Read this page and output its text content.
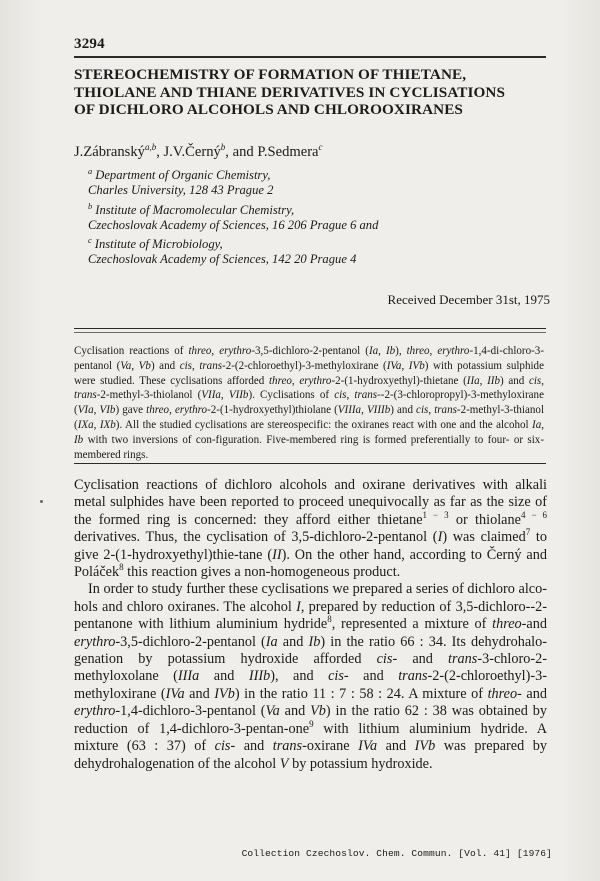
3294
STEREOCHEMISTRY OF FORMATION OF THIETANE,
THIOLANE AND THIANE DERIVATIVES IN CYCLISATIONS
OF DICHLORO ALCOHOLS AND CHLOROOXIRANES
J.Zábranský$^{a,b}$, J.V.Černý$^b$, and P.Sedmera$^c$
$^a$ Department of Organic Chemistry,
Charles University, 128 43 Prague 2
$^b$ Institute of Macromolecular Chemistry,
Czechoslovak Academy of Sciences, 16 206 Prague 6 and
$^c$ Institute of Microbiology,
Czechoslovak Academy of Sciences, 142 20 Prague 4
Received December 31st, 1975
Cyclisation reactions of threo, erythro-3,5-dichloro-2-pentanol (Ia, Ib), threo, erythro-1,4-di-chloro-3-pentanol (Va, Vb) and cis, trans-2-(2-chloroethyl)-3-methyloxirane (IVa, IVb) with potassium sulphide were studied. These cyclisations afforded threo, erythro-2-(1-hydroxyethyl)-thietane (IIa, IIb) and cis, trans-2-methyl-3-thiolanol (VIIa, VIIb). Cyclisations of cis, trans--2-(3-chloropropyl)-3-methyloxirane (VIa, VIb) gave threo, erythro-2-(1-hydroxyethyl)thiolane (VIIIa, VIIIb) and cis, trans-2-methyl-3-thianol (IXa, IXb). All the studied cyclisations are stereospecific: the oxiranes react with one and the alcohol Ia, Ib with two inversions of con-figuration. Five-membered ring is formed preferentially to four- or six-membered rings.

Cyclisation reactions of dichloro alcohols and oxirane derivatives with alkali metal sulphides have been reported to proceed unequivocally as far as the size of the formed ring is concerned: they afford either thietane$^{1 - 3}$ or thiolane$^{4 - 6}$ derivatives. Thus, the cyclisation of 3,5-dichloro-2-pentanol (I) was claimed$^7$ to give 2-(1-hydroxyethyl)thie-tane (II). On the other hand, according to Černý and Poláček$^8$ this reaction gives a non-homogeneous product.

In order to study further these cyclisations we prepared a series of dichloro alco-hols and chloro oxiranes. The alcohol I, prepared by reduction of 3,5-dichloro--2-pentanone with lithium aluminium hydride$^8$, represented a mixture of threo-and erythro-3,5-dichloro-2-pentanol (Ia and Ib) in the ratio 66 : 34. Its dehydrohalo-genation by potassium hydroxide afforded cis- and trans-3-chloro-2-methyloxolane (IIIa and IIIb), and cis- and trans-2-(2-chloroethyl)-3-methyloxirane (IVa and IVb) in the ratio 11 : 7 : 58 : 24. A mixture of threo- and erythro-1,4-dichloro-3-pentanol (Va and Vb) in the ratio 62 : 38 was obtained by reduction of 1,4-dichloro-3-pentan-one$^9$ with lithium aluminium hydride. A mixture (63 : 37) of cis- and trans-oxirane IVa and IVb was prepared by dehydrohalogenation of the alcohol V by potassium hydroxide.

Collection Czechoslov. Chem. Commun. [Vol. 41] [1976]
